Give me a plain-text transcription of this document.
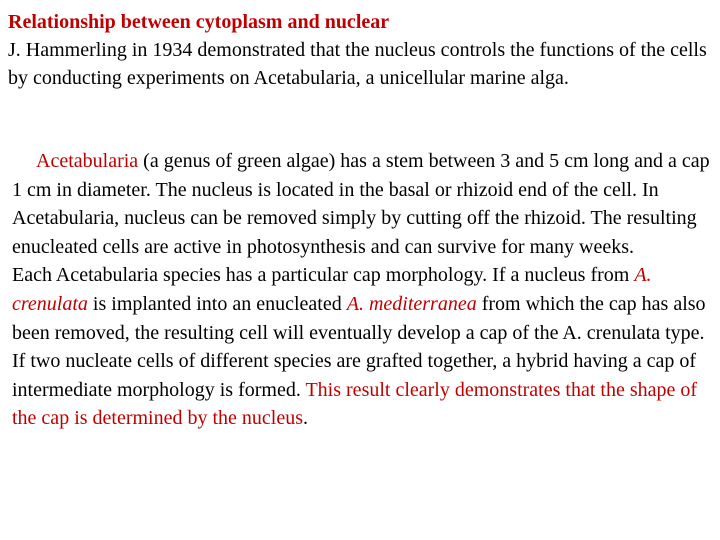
Relationship between cytoplasm and nuclear
J. Hammerling in 1934 demonstrated that the nucleus controls the functions of the cells by conducting experiments on Acetabularia, a unicellular marine alga.

Acetabularia (a genus of green algae) has a stem between 3 and 5 cm long and a cap 1 cm in diameter. The nucleus is located in the basal or rhizoid end of the cell. In Acetabularia, nucleus can be removed simply by cutting off the rhizoid. The resulting enucleated cells are active in photosynthesis and can survive for many weeks.

Each Acetabularia species has a particular cap morphology. If a nucleus from A. crenulata is implanted into an enucleated A. mediterranea from which the cap has also been removed, the resulting cell will eventually develop a cap of the A. crenulata type. If two nucleate cells of different species are grafted together, a hybrid having a cap of intermediate morphology is formed. This result clearly demonstrates that the shape of the cap is determined by the nucleus.
